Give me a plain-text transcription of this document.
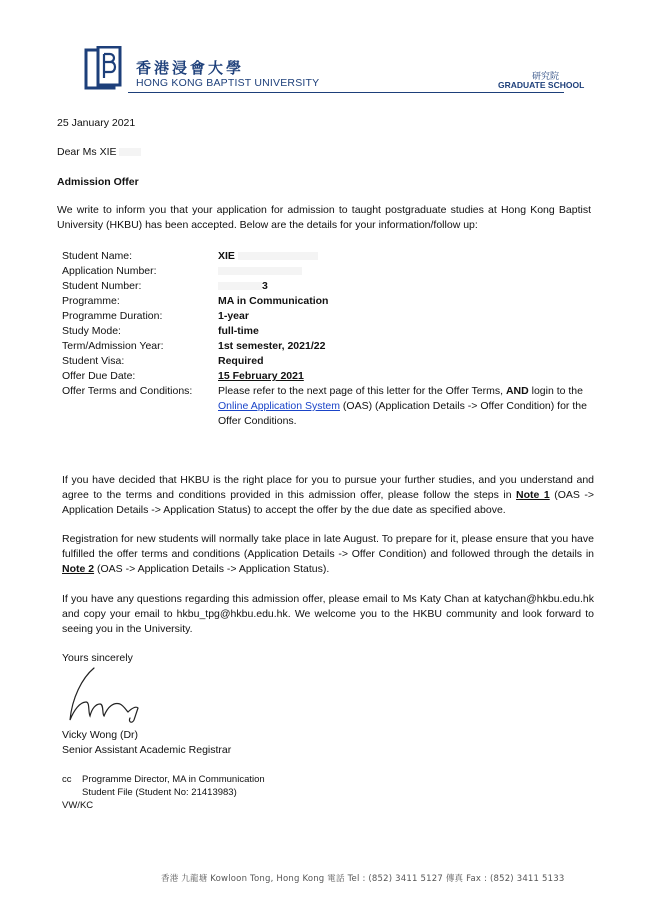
香港浸會大學
HONG KONG BAPTIST UNIVERSITY	研究院
GRADUATE SCHOOL
25 January 2021
Dear Ms XIE
Admission Offer
We write to inform you that your application for admission to taught postgraduate studies at Hong Kong Baptist University (HKBU) has been accepted. Below are the details for your information/follow up:
Student Name:	XIE
Application Number:
Student Number:	3
Programme:	MA in Communication
Programme Duration:	1-year
Study Mode:	full-time
Term/Admission Year:	1st semester, 2021/22
Student Visa:	Required
Offer Due Date:	15 February 2021
Offer Terms and Conditions:	Please refer to the next page of this letter for the Offer Terms, AND login to the Online Application System (OAS) (Application Details -> Offer Condition) for the Offer Conditions.
If you have decided that HKBU is the right place for you to pursue your further studies, and you understand and agree to the terms and conditions provided in this admission offer, please follow the steps in Note 1 (OAS -> Application Details -> Application Status) to accept the offer by the due date as specified above.
Registration for new students will normally take place in late August. To prepare for it, please ensure that you have fulfilled the offer terms and conditions (Application Details -> Offer Condition) and followed through the details in Note 2 (OAS -> Application Details -> Application Status).
If you have any questions regarding this admission offer, please email to Ms Katy Chan at katychan@hkbu.edu.hk and copy your email to hkbu_tpg@hkbu.edu.hk. We welcome you to the HKBU community and look forward to seeing you in the University.
Yours sincerely
Vicky Wong (Dr)
Senior Assistant Academic Registrar
cc	Programme Director, MA in Communication
Student File (Student No: 21413983)
VW/KC
香港 九龍塘 Kowloon Tong, Hong Kong 電話 Tel : (852) 3411 5127 傳真 Fax : (852) 3411 5133
